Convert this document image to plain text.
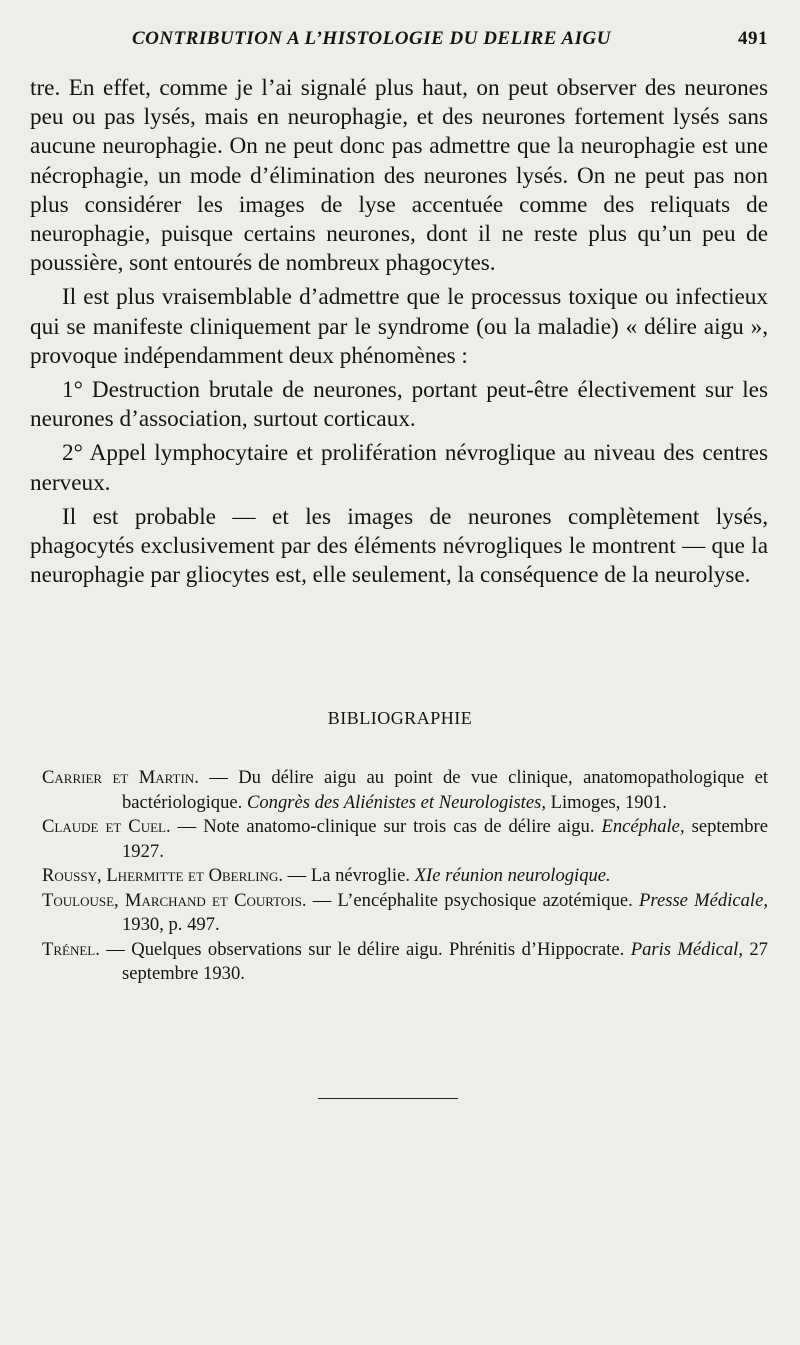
CONTRIBUTION A L’HISTOLOGIE DU DELIRE AIGU	491

tre. En effet, comme je l’ai signalé plus haut, on peut observer des neurones peu ou pas lysés, mais en neurophagie, et des neurones fortement lysés sans aucune neurophagie. On ne peut donc pas admettre que la neurophagie est une nécrophagie, un mode d’élimination des neurones lysés. On ne peut pas non plus considérer les images de lyse accentuée comme des reliquats de neurophagie, puisque certains neurones, dont il ne reste plus qu’un peu de poussière, sont entourés de nombreux phagocytes.

Il est plus vraisemblable d’admettre que le processus toxique ou infectieux qui se manifeste cliniquement par le syndrome (ou la maladie) « délire aigu », provoque indépendamment deux phénomènes :

1° Destruction brutale de neurones, portant peut-être électivement sur les neurones d’association, surtout corticaux.

2° Appel lymphocytaire et prolifération névroglique au niveau des centres nerveux.

Il est probable — et les images de neurones complètement lysés, phagocytés exclusivement par des éléments névrogliques le montrent — que la neurophagie par gliocytes est, elle seulement, la conséquence de la neurolyse.

BIBLIOGRAPHIE
Carrier et Martin. — Du délire aigu au point de vue clinique, anatomopathologique et bactériologique. Congrès des Aliénistes et Neurologistes, Limoges, 1901.
Claude et Cuel. — Note anatomo-clinique sur trois cas de délire aigu. Encéphale, septembre 1927.
Roussy, Lhermitte et Oberling. — La névroglie. XIe réunion neurologique.
Toulouse, Marchand et Courtois. — L’encéphalite psychosique azotémique. Presse Médicale, 1930, p. 497.
Trénel. — Quelques observations sur le délire aigu. Phrénitis d’Hippocrate. Paris Médical, 27 septembre 1930.
